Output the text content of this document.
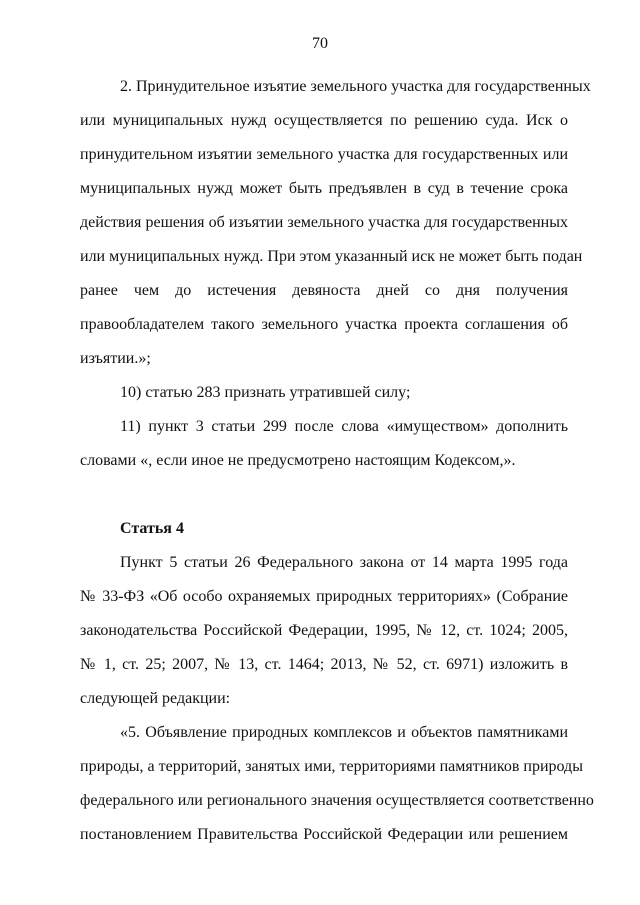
70
2. Принудительное изъятие земельного участка для государственных
или муниципальных нужд осуществляется по решению суда. Иск о
принудительном изъятии земельного участка для государственных или
муниципальных нужд может быть предъявлен в суд в течение срока
действия решения об изъятии земельного участка для государственных
или муниципальных нужд. При этом указанный иск не может быть подан
ранее чем до истечения девяноста дней со дня получения
правообладателем такого земельного участка проекта соглашения об
изъятии.»;
10) статью 283 признать утратившей силу;
11) пункт 3 статьи 299 после слова «имуществом» дополнить
словами «, если иное не предусмотрено настоящим Кодексом,».
Статья 4
Пункт 5 статьи 26 Федерального закона от 14 марта 1995 года
№ 33-ФЗ «Об особо охраняемых природных территориях» (Собрание
законодательства Российской Федерации, 1995, № 12, ст. 1024; 2005,
№ 1, ст. 25; 2007, № 13, ст. 1464; 2013, № 52, ст. 6971) изложить в
следующей редакции:
«5. Объявление природных комплексов и объектов памятниками
природы, а территорий, занятых ими, территориями памятников природы
федерального или регионального значения осуществляется соответственно
постановлением Правительства Российской Федерации или решением
